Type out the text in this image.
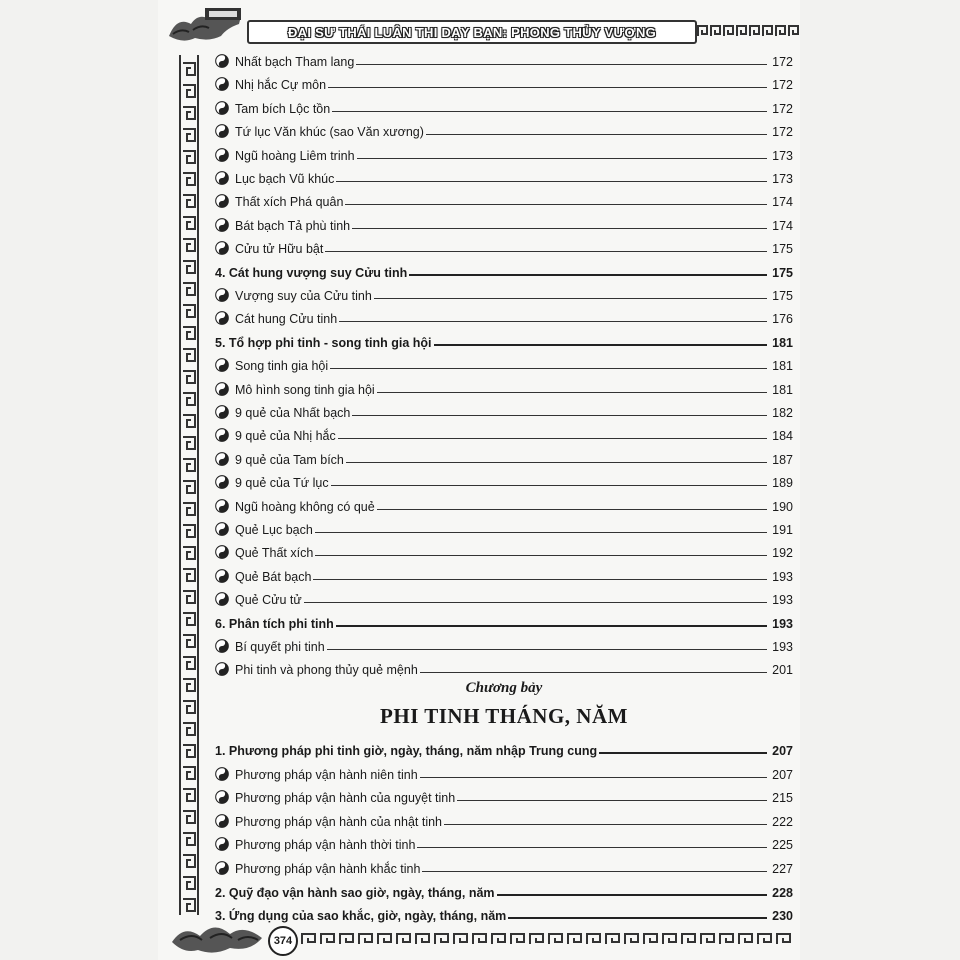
ĐẠI SƯ THÁI LUÂN THI DẠY BẠN: PHONG THỦY VƯỢNG
Nhất bạch Tham lang	172
Nhị hắc Cự môn	172
Tam bích Lộc tồn	172
Tứ lục Văn khúc (sao Văn xương)	172
Ngũ hoàng Liêm trinh	173
Lục bạch Vũ khúc	173
Thất xích Phá quân	174
Bát bạch Tả phù tinh	174
Cửu tử Hữu bật	175
4. Cát hung vượng suy Cửu tinh	175
Vượng suy của Cửu tinh	175
Cát hung Cửu tinh	176
5. Tổ hợp phi tinh - song tinh gia hội	181
Song tinh gia hội	181
Mô hình song tinh gia hội	181
9 quẻ của Nhất bạch	182
9 quẻ của Nhị hắc	184
9 quẻ của Tam bích	187
9 quẻ của Tứ lục	189
Ngũ hoàng không có quẻ	190
Quẻ Lục bạch	191
Quẻ Thất xích	192
Quẻ Bát bạch	193
Quẻ Cửu tử	193
6. Phân tích phi tinh	193
Bí quyết phi tinh	193
Phi tinh và phong thủy quẻ mệnh	201
1. Phương pháp phi tinh giờ, ngày, tháng, năm nhập Trung cung	207
Phương pháp vận hành niên tinh	207
Phương pháp vận hành của nguyệt tinh	215
Phương pháp vận hành của nhật tinh	222
Phương pháp vận hành thời tinh	225
Phương pháp vận hành khắc tinh	227
2. Quỹ đạo vận hành sao giờ, ngày, tháng, năm	228
3. Ứng dụng của sao khắc, giờ, ngày, tháng, năm	230
Chương bảy
PHI TINH THÁNG, NĂM
374
